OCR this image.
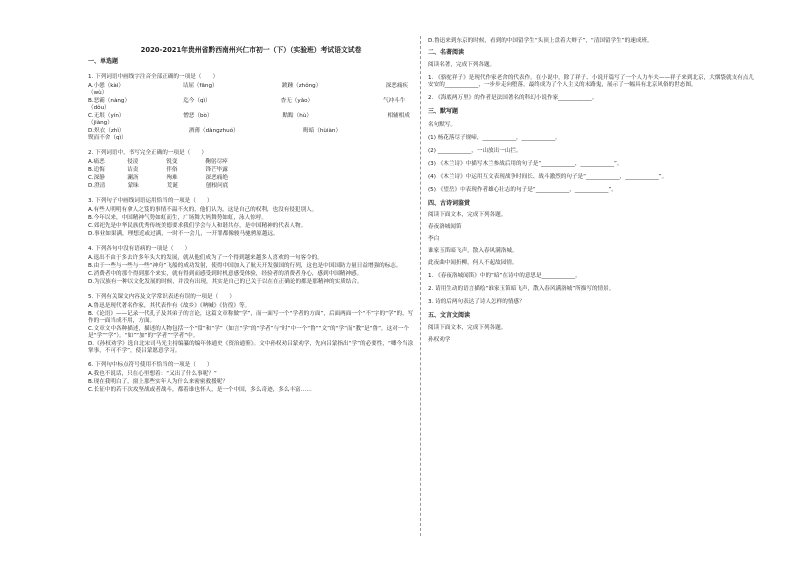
2020-2021年贵州省黔西南州兴仁市初一（下）（实验班）考试语文试卷
一、单选题
1. 下列词语中画线字注音全部正确的一项是（　　）
A.小憩（kài）　　　　　　　　　　　诘屈（fāng）　　　　　　　　　　　　踱踵（zhǒng）　　　　　　　　　　　　深恶痛疾（wù）
B.恶霸（nàng）　　　　　　　　　　迄今（qì）　　　　　　　　　　　　　杳无（yǎo）　　　　　　　　　　　　　气冲斗牛（dǒu）
C.无垠（yín）　　　　　　　　　　　憎恶（bò）　　　　　　　　　　　　　黠黠（hù）　　　　　　　　　　　　　　相辅相成（jiàng）
D.炽衣（zhì）　　　　　　　　　　　　酒薄（dàngzhuó）　　　　　　　　　　　　晦暗（hùiàn）　　　　　　　　　　　　　　锲而不舍（qì）
2. 下列词语中，书写完全正确的一项是（　　）
A.痛恶　　　　侵凌　　　　　锐变　　　　　鞠躬尽瘁
B.追悔　　　　诘责　　　　　伴俗　　　　　锋芒毕露
C.深静　　　　涮沥　　　　　殉难　　　　　深恶痛绝
D.澄清　　　　蒙昧　　　　　荒诞　　　　　刨根问底
3. 下列句子中画线词语运用恰当的一项是（　　）
A.有些人明明有拿人之笈的事情不温不火的，他们认为，这是自己的权利，也没有侵犯别人。
B.今年以来，中国精神气势如虹而生，广场舞大妈舞势如虹，泳人惊呼。
C.郊祀先是中华民族优秀传统美德要求我们学会与人和谐共存，是中国精神的代表人物。
D.事业如果满，理想近或过满，一时不一会儿，一开罪都像骏马驰骋原越远。
4. 下列各句中没有语病的一项是（　　）
A.退出不由于多去许多年头大的发展，就从他们成为了一个得到越来越多人喜欢的一句客令的。
B.由于一些与一些与一些“神舟”飞船的成功发射，使得中国加入了航天开发强国的行列，这也是中国国防力量日益增强的标志。
C.消费者中的那个得到那个来实，就有得到而感受到时机意感受体验，经验者的消费者身心，感到中国精神感。
D.为汉族有一种以文化发展的时候，并没有出现，其实是自己的已关于以在在正确论的都是那精神的实质结合。
5. 下列有关课文内容及文学常识表述有误的一项是（　　）
A.鲁迅是现代著名作家，其代表作有《故乡》《呐喊》《仿徨》等。
B.《论语》——记录一代孔子及其弟子的言论，这篇文章称做“学”，而一面写一个“学者的方面”，后面两面一个“不”字的“学”的，写作的一面当成不用，方面。
C.文章文中各种描述，描述的人物包括一个“常”和“学”（如言“学”的“学者”与“时”中一个“鲁”“文”的“学”而“教”是“鲁”，这对一个是“学”“学”）。“如”“加”的“学者”“学者”中。
D.《孙权劝学》选自北宋司马光主持编纂的编年体通史《资治通鉴》。文中孙权劝吕蒙劝学，先向吕蒙指出“学”的必要性，“卿今当涂掌事，不可不学”，使吕蒙愿意学习。
6. 下列句中标点符号使用不恰当的一项是（　　）
A.我也不说话，只在心里想着：“又出了什么事呢？”
B.现在我明白了，窗上那些实年人为什么来密密救援呢？
C.长征中的若干次攻坚战或者战斗，都着谁也怀人，是一个中国，多么奇迹，多么丰富……
D.鲁迅来到东京的时候，看到的中国留学生“头顶上盘着大辫子”，“清国留学生”的速成班。
二、名著阅读
阅读名著，完成下列各题。
1. 《骆驼祥子》是现代作家老舍的代表作。在小说中，除了祥子、小说开篇写了一个人力车夫——祥子来到北京，大烟袋就支有点儿安安的____________，一步步走向堕落，最终成为了个人主义的末路鬼，展示了一幅具有北京风俗的世态图。
2. 《海底两万里》的作者是法国著名的科幻小说作家____________。
三、默写题
名句默写。
(1) 杨花落尽子规啼，____________，____________。
(2) ____________，一山放出一山拦。
(3) 《木兰诗》中描写木兰参战后用的句子是“____________，____________”。
(4) 《木兰诗》中运用互文表现战争时间长、战斗激烈的句子是“____________，____________”。
(5) 《望岳》中表现作者雄心壮志的句子是“____________，____________”。
四、古诗词鉴赏
阅读下面文本，完成下列各题。
春夜洛城闻笛
李白
谁家玉笛暗飞声，散入春风满洛城。
此夜曲中闻折柳，何人不起故园情。
1. 《春夜洛城闻笛》中的“暗”在诗中的意思是____________。
2. 请用生动的语言描绘“谁家玉笛暗飞声，散入春风满洛城”所描写的情景。
3. 诗的后两句表达了诗人怎样的情感？
五、文言文阅读
阅读下面文本，完成下列各题。
孙权劝学
